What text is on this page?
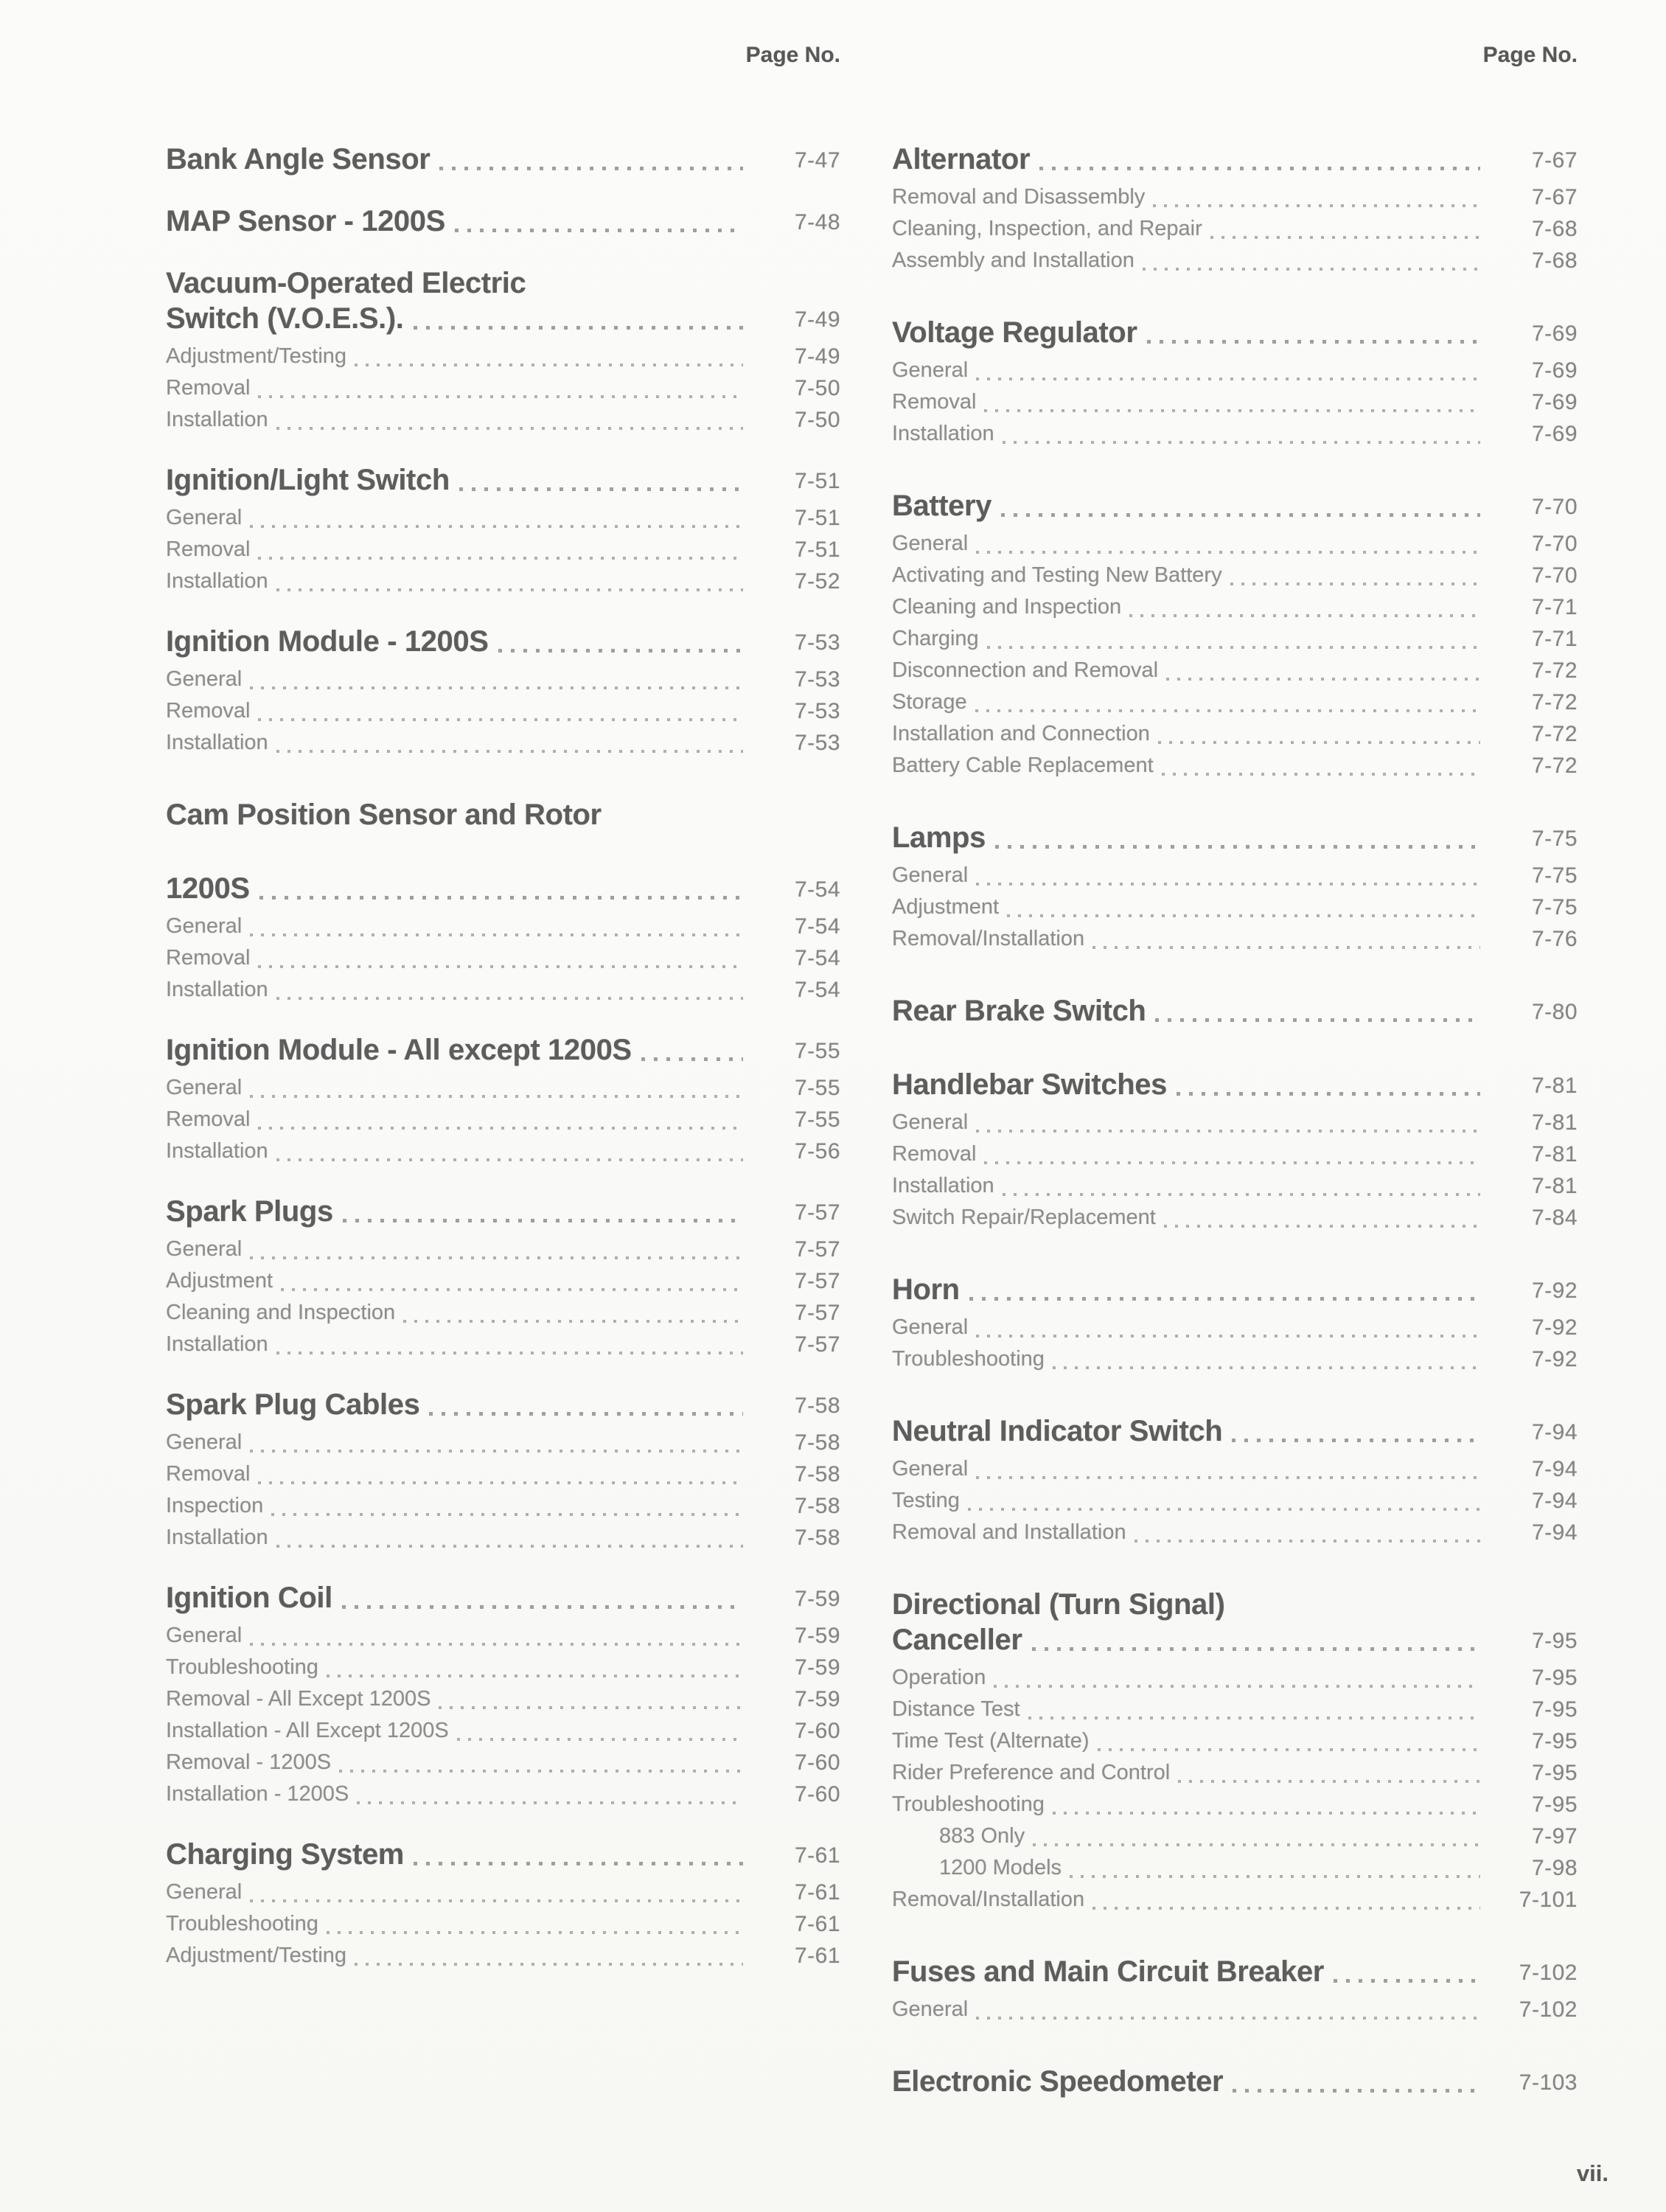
Page No.
Bank Angle Sensor	7-47
MAP Sensor - 1200S	7-48
Vacuum-Operated Electric
Switch (V.O.E.S.).	7-49
Adjustment/Testing	7-49
Removal	7-50
Installation	7-50
Ignition/Light Switch	7-51
General	7-51
Removal	7-51
Installation	7-52
Ignition Module - 1200S	7-53
General	7-53
Removal	7-53
Installation	7-53
Cam Position Sensor and Rotor
1200S	7-54
General	7-54
Removal	7-54
Installation	7-54
Ignition Module - All except 1200S	7-55
General	7-55
Removal	7-55
Installation	7-56
Spark Plugs	7-57
General	7-57
Adjustment	7-57
Cleaning and Inspection	7-57
Installation	7-57
Spark Plug Cables	7-58
General	7-58
Removal	7-58
Inspection	7-58
Installation	7-58
Ignition Coil	7-59
General	7-59
Troubleshooting	7-59
Removal - All Except 1200S	7-59
Installation - All Except 1200S	7-60
Removal - 1200S	7-60
Installation - 1200S	7-60
Charging System	7-61
General	7-61
Troubleshooting	7-61
Adjustment/Testing	7-61
Page No.
Alternator	7-67
Removal and Disassembly	7-67
Cleaning, Inspection, and Repair	7-68
Assembly and Installation	7-68
Voltage Regulator	7-69
General	7-69
Removal	7-69
Installation	7-69
Battery	7-70
General	7-70
Activating and Testing New Battery	7-70
Cleaning and Inspection	7-71
Charging	7-71
Disconnection and Removal	7-72
Storage	7-72
Installation and Connection	7-72
Battery Cable Replacement	7-72
Lamps	7-75
General	7-75
Adjustment	7-75
Removal/Installation	7-76
Rear Brake Switch	7-80
Handlebar Switches	7-81
General	7-81
Removal	7-81
Installation	7-81
Switch Repair/Replacement	7-84
Horn	7-92
General	7-92
Troubleshooting	7-92
Neutral Indicator Switch	7-94
General	7-94
Testing	7-94
Removal and Installation	7-94
Directional (Turn Signal)
Canceller	7-95
Operation	7-95
Distance Test	7-95
Time Test (Alternate)	7-95
Rider Preference and Control	7-95
Troubleshooting	7-95
883 Only	7-97
1200 Models	7-98
Removal/Installation	7-101
Fuses and Main Circuit Breaker	7-102
General	7-102
Electronic Speedometer	7-103
vii.
